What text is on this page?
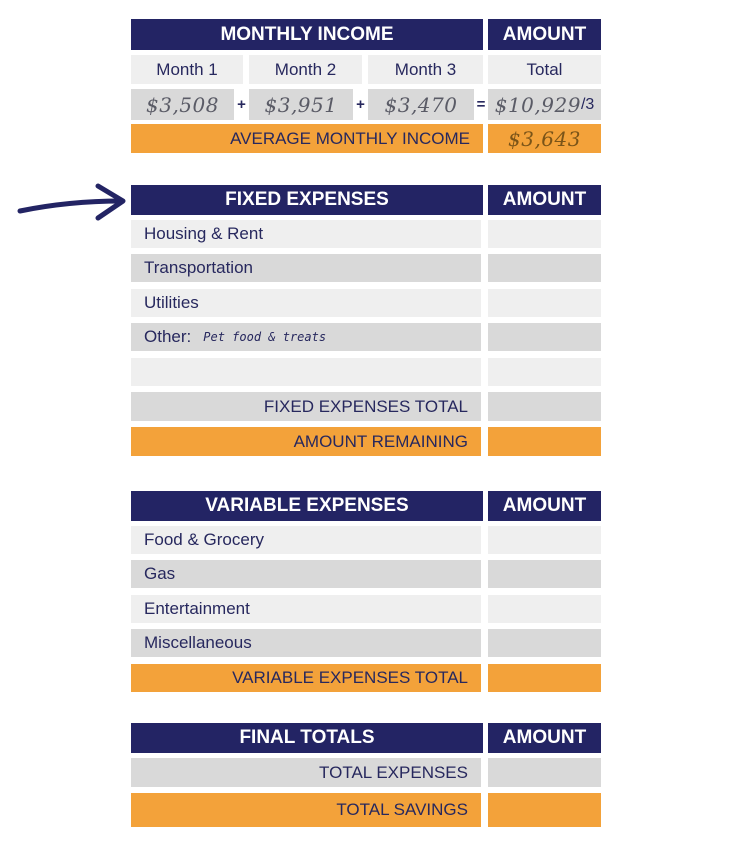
MONTHLY INCOME	AMOUNT
Month 1	Month 2	Month 3	Total
$3,508 + $3,951 + $3,470 = $10,929 /3
AVERAGE MONTHLY INCOME	$3,643
FIXED EXPENSES	AMOUNT
Housing & Rent
Transportation
Utilities
Other: Pet food & treats
FIXED EXPENSES TOTAL
AMOUNT REMAINING
VARIABLE EXPENSES	AMOUNT
Food & Grocery
Gas
Entertainment
Miscellaneous
VARIABLE EXPENSES TOTAL
FINAL TOTALS	AMOUNT
TOTAL EXPENSES
TOTAL SAVINGS
